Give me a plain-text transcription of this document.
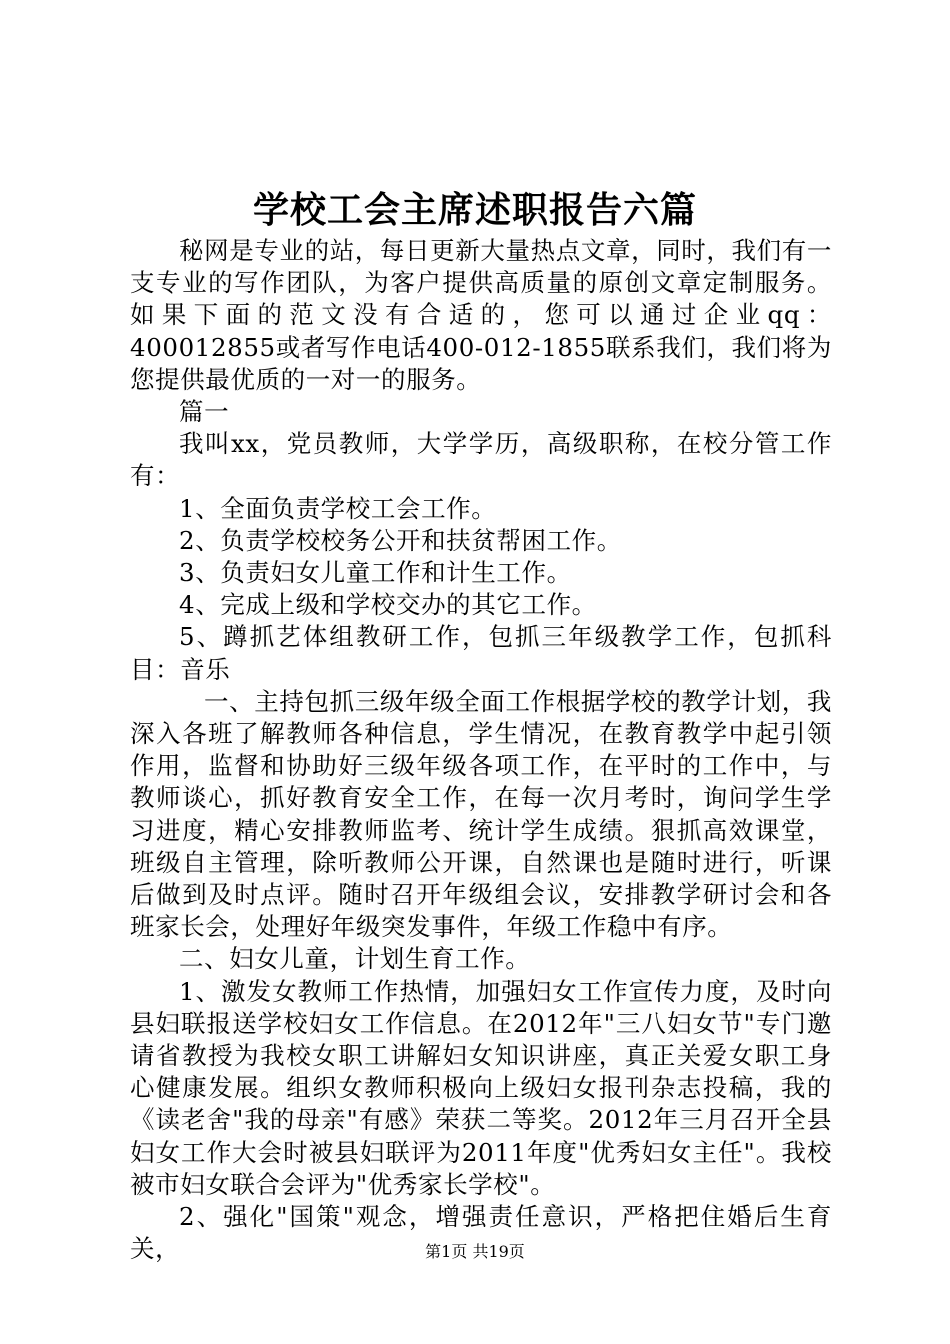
学校工会主席述职报告六篇

秘网是专业的站，每日更新大量热点文章，同时，我们有一支专业的写作团队，为客户提供高质量的原创文章定制服务。如果下面的范文没有合适的，您可以通过企业qq：400012855或者写作电话400-012-1855联系我们，我们将为您提供最优质的一对一的服务。

篇一

我叫xx，党员教师，大学学历，高级职称，在校分管工作有：

1、全面负责学校工会工作。

2、负责学校校务公开和扶贫帮困工作。

3、负责妇女儿童工作和计生工作。

4、完成上级和学校交办的其它工作。

5、蹲抓艺体组教研工作，包抓三年级教学工作，包抓科目：音乐

一、主持包抓三级年级全面工作根据学校的教学计划，我深入各班了解教师各种信息，学生情况，在教育教学中起引领作用，监督和协助好三级年级各项工作，在平时的工作中，与教师谈心，抓好教育安全工作，在每一次月考时，询问学生学习进度，精心安排教师监考、统计学生成绩。狠抓高效课堂，班级自主管理，除听教师公开课，自然课也是随时进行，听课后做到及时点评。随时召开年级组会议，安排教学研讨会和各班家长会，处理好年级突发事件，年级工作稳中有序。

二、妇女儿童，计划生育工作。

1、激发女教师工作热情，加强妇女工作宣传力度，及时向县妇联报送学校妇女工作信息。在2012年"三八妇女节"专门邀请省教授为我校女职工讲解妇女知识讲座，真正关爱女职工身心健康发展。组织女教师积极向上级妇女报刊杂志投稿，我的《读老舍"我的母亲"有感》荣获二等奖。2012年三月召开全县妇女工作大会时被县妇联评为2011年度"优秀妇女主任"。我校被市妇女联合会评为"优秀家长学校"。

2、强化"国策"观念，增强责任意识，严格把住婚后生育关，	第1页 共19页
